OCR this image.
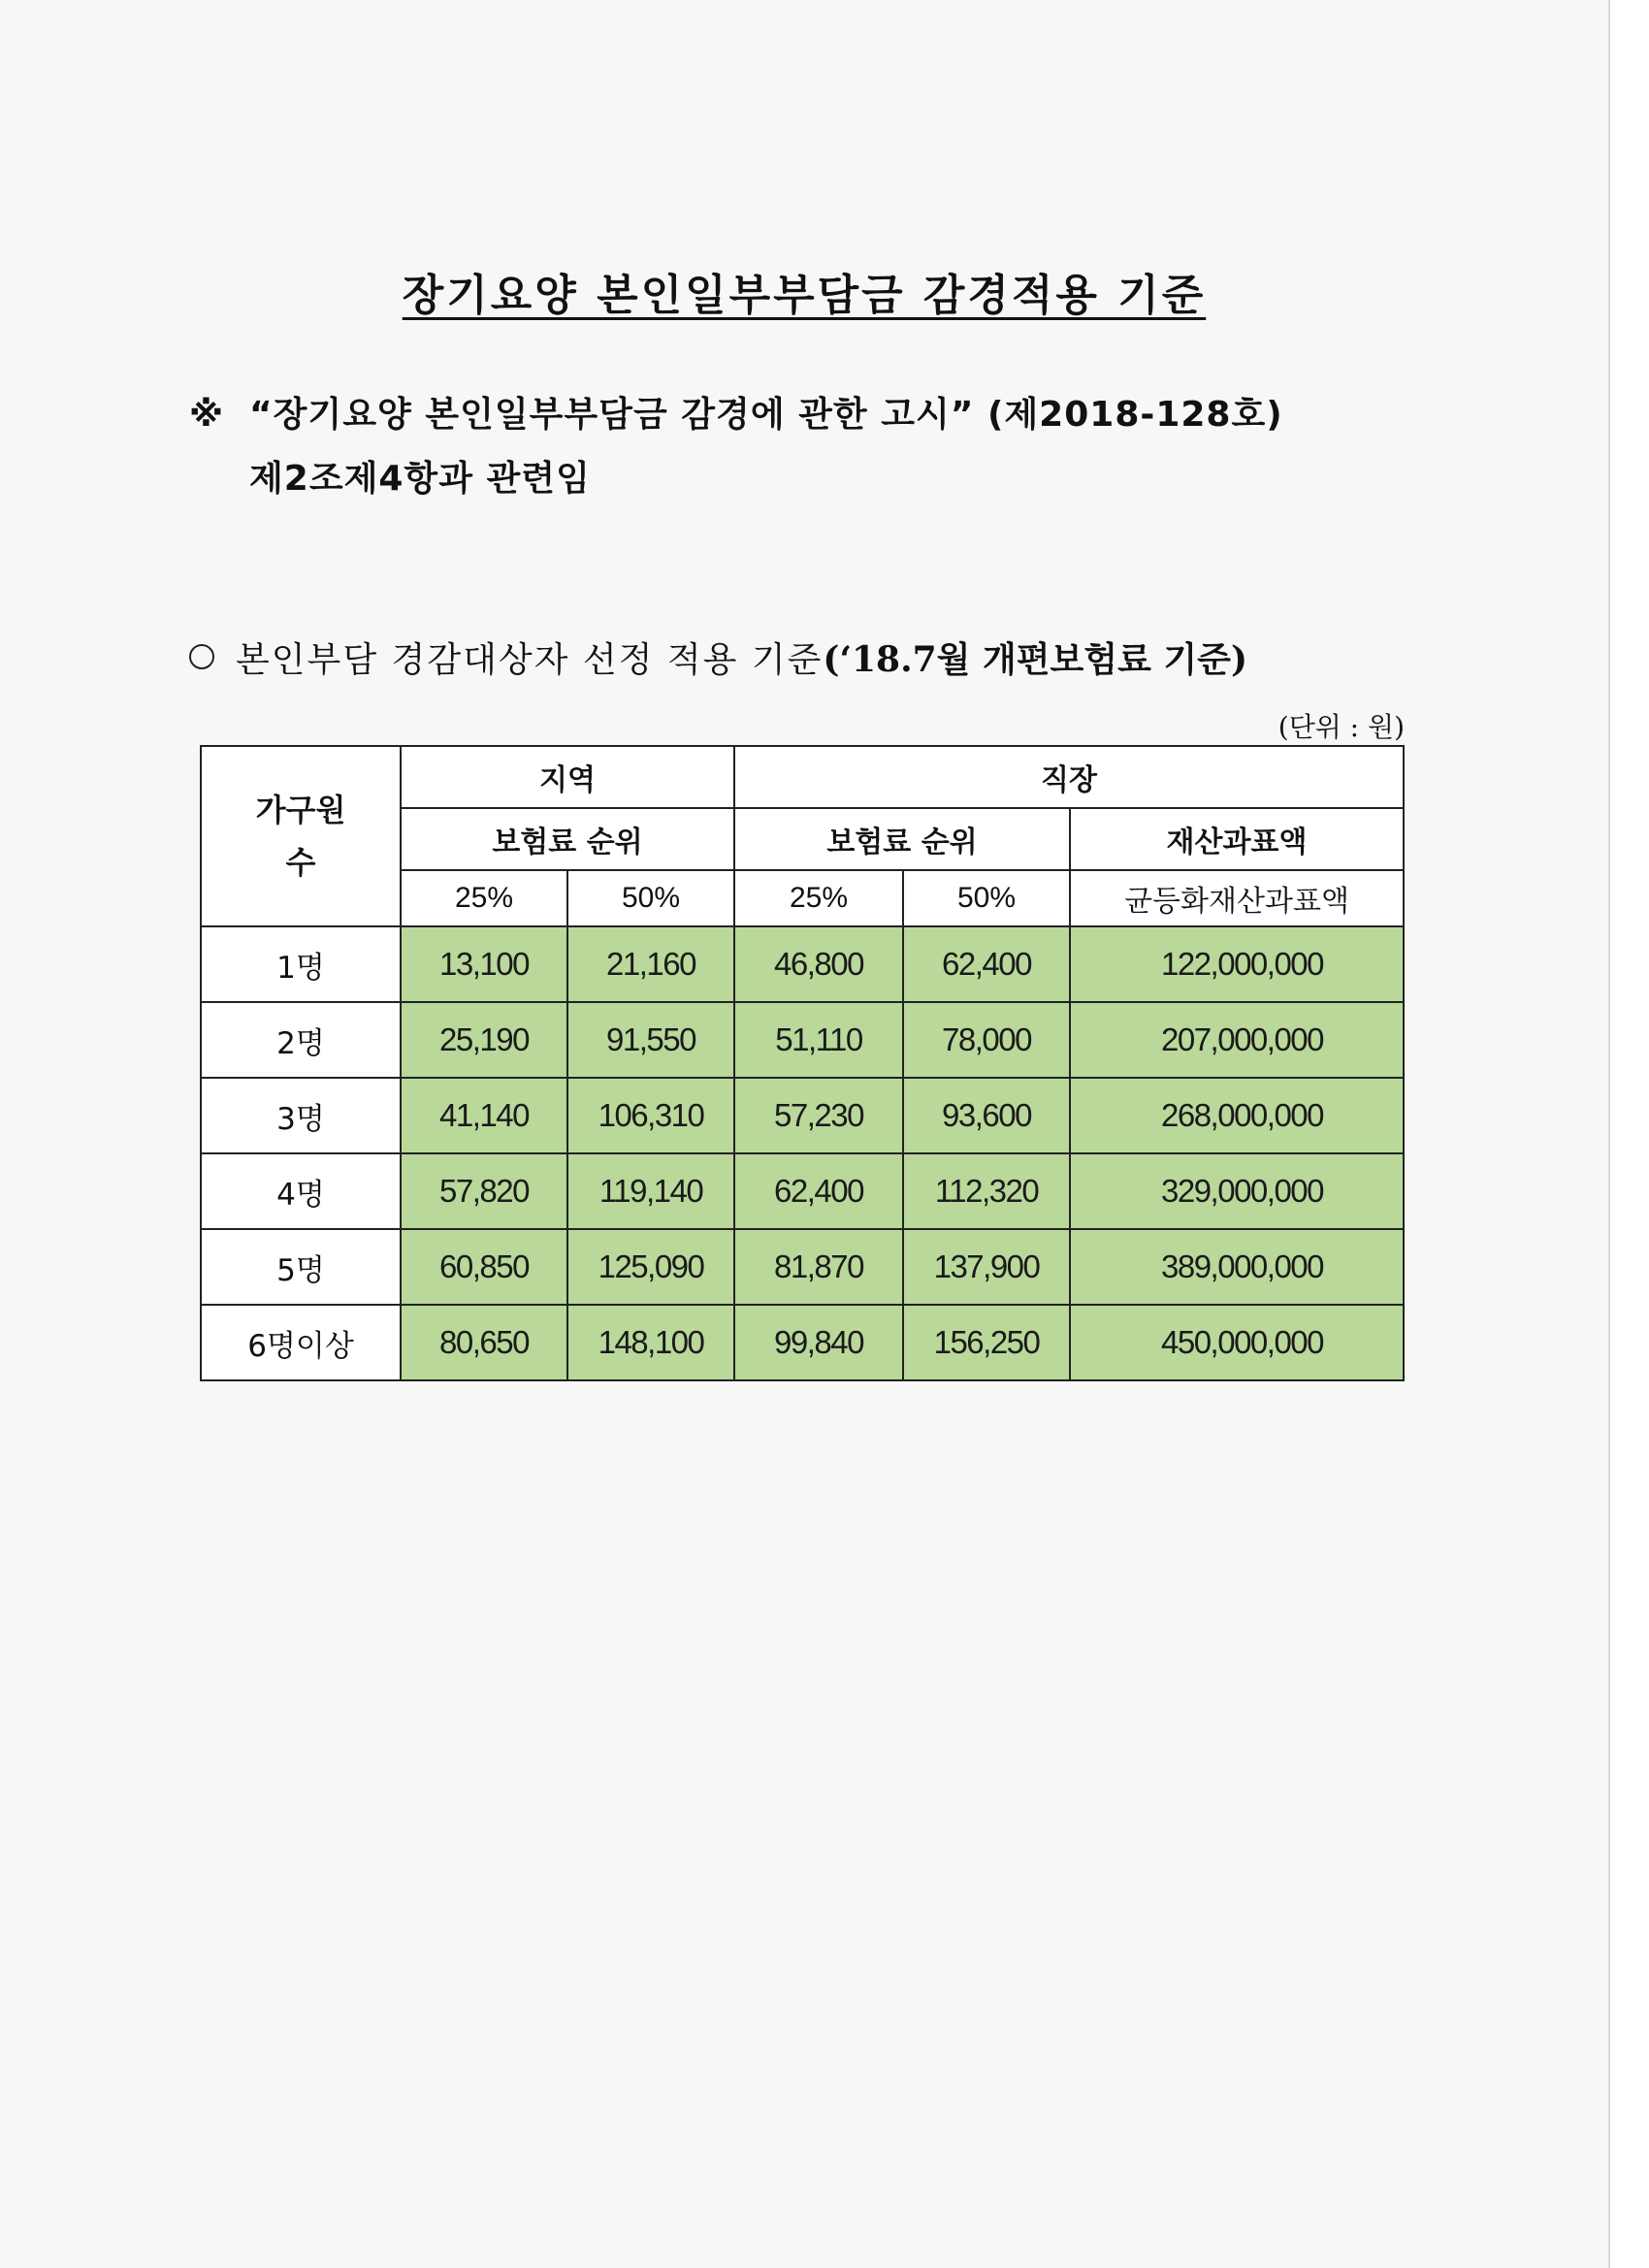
장기요양 본인일부부담금 감경적용 기준
※ “장기요양 본인일부부담금 감경에 관한 고시” (제2018-128호)
제2조제4항과 관련임
본인부담 경감대상자 선정 적용 기준(‘18.7월 개편보험료 기준)
(단위 : 원)
가구원
수	지역		직장		
	보험료 순위		보험료 순위		재산과표액
	25%	50%	25%	50%	균등화재산과표액
1명	13,100	21,160	46,800	62,400	122,000,000
2명	25,190	91,550	51,110	78,000	207,000,000
3명	41,140	106,310	57,230	93,600	268,000,000
4명	57,820	119,140	62,400	112,320	329,000,000
5명	60,850	125,090	81,870	137,900	389,000,000
6명이상	80,650	148,100	99,840	156,250	450,000,000
